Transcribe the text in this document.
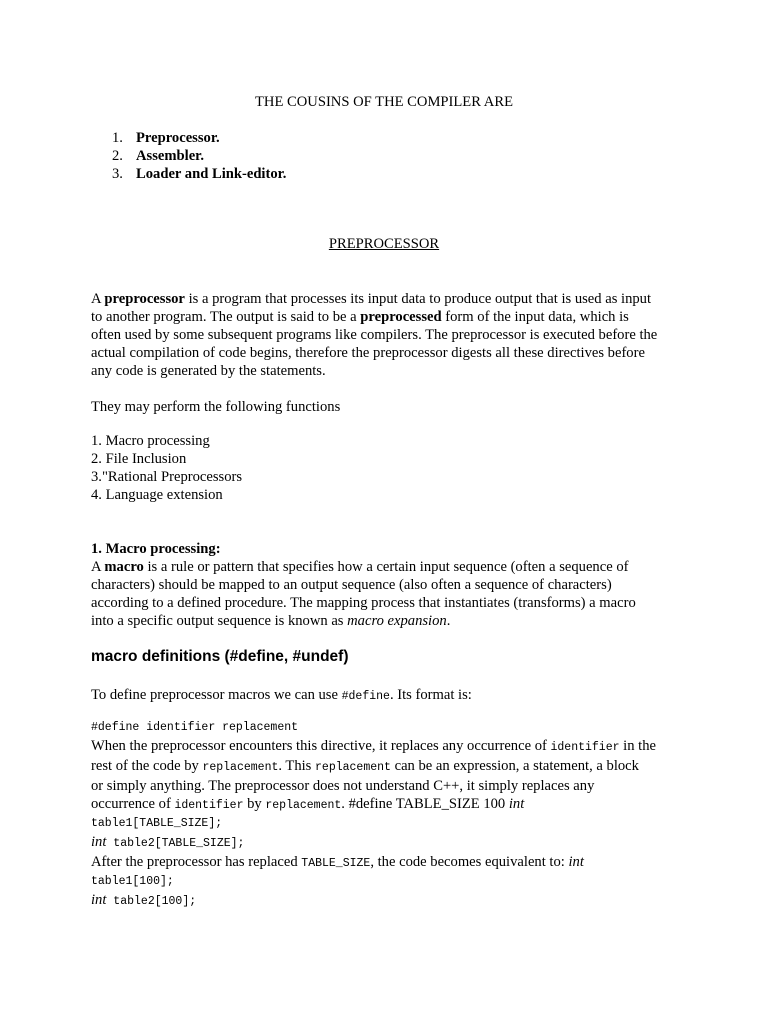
THE COUSINS OF THE COMPILER ARE
1. Preprocessor.
2. Assembler.
3. Loader and Link-editor.
PREPROCESSOR

A preprocessor is a program that processes its input data to produce output that is used as input

to another program. The output is said to be a preprocessed form of the input data, which is

often used by some subsequent programs like compilers. The preprocessor is executed before the

actual compilation of code begins, therefore the preprocessor digests all these directives before

any code is generated by the statements.

They may perform the following functions

1. Macro processing

2. File Inclusion

3."Rational Preprocessors

4. Language extension

1. Macro processing:

A macro is a rule or pattern that specifies how a certain input sequence (often a sequence of

characters) should be mapped to an output sequence (also often a sequence of characters)

according to a defined procedure. The mapping process that instantiates (transforms) a macro

into a specific output sequence is known as macro expansion.

macro definitions (#define, #undef)
To define preprocessor macros we can use #define. Its format is:

#define identifier replacement

When the preprocessor encounters this directive, it replaces any occurrence of identifier in the

rest of the code by replacement. This replacement can be an expression, a statement, a block

or simply anything. The preprocessor does not understand C++, it simply replaces any

occurrence of identifier by replacement. #define TABLE_SIZE 100 int

table1[TABLE_SIZE];

int table2[TABLE_SIZE];

After the preprocessor has replaced TABLE_SIZE, the code becomes equivalent to: int

table1[100];

int table2[100];
